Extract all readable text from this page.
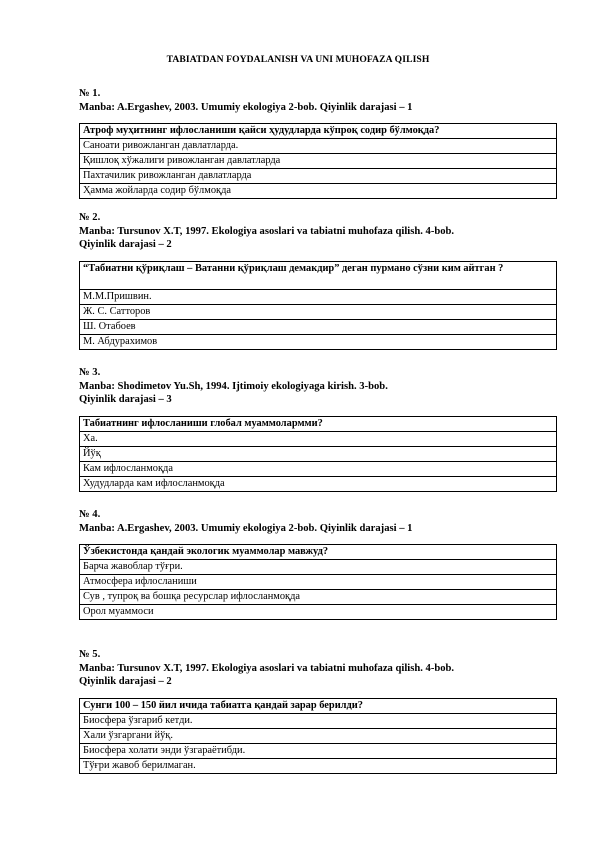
TABIATDAN FOYDALANISH VA UNI MUHOFAZA QILISH
№ 1.
Manba: A.Ergashev, 2003. Umumiy ekologiya 2-bob. Qiyinlik darajasi – 1
Атроф муҳитнинг ифлосланиши қайси ҳудудларда кўпроқ содир бўлмоқда?
Саноати ривожланган давлатларда.
Қишлоқ хўжалиги ривожланган давлатларда
Пахтачилик ривожланган давлатларда
Ҳамма жойларда содир бўлмоқда
№ 2.
Manba: Tursunov X.T, 1997. Ekologiya asoslari va tabiatni muhofaza qilish. 4-bob.
Qiyinlik darajasi – 2
“Табиатни қўриқлаш – Ватанни қўриқлаш демакдир” деган пурмано сўзни ким айтган ?
М.М.Пришвин.
Ж. С. Сатторов
Ш. Отабоев
М. Абдурахимов
№ 3.
Manba: Shodimetov Yu.Sh, 1994. Ijtimoiy ekologiyaga kirish. 3-bob.
Qiyinlik darajasi – 3
Табиатнинг ифлосланиши глобал муаммолармми?
Ха.
Йўқ
Кам ифлосланмоқда
Худудларда кам ифлосланмоқда
№ 4.
Manba: A.Ergashev, 2003. Umumiy ekologiya 2-bob. Qiyinlik darajasi – 1
Ўзбекистонда қандай экологик муаммолар мавжуд?
Барча жавоблар тўғри.
Атмосфера ифлосланиши
Сув , тупроқ ва бошқа ресурслар ифлосланмоқда
Орол муаммоси
№ 5.
Manba: Tursunov X.T, 1997. Ekologiya asoslari va tabiatni muhofaza qilish. 4-bob.
Qiyinlik darajasi – 2
Сунги 100 – 150 йил ичида табиатга қандай зарар берилди?
Биосфера ўзгариб кетди.
Хали ўзгаргани йўқ.
Биосфера холати энди ўзгараётибди.
Тўғри жавоб берилмаган.
